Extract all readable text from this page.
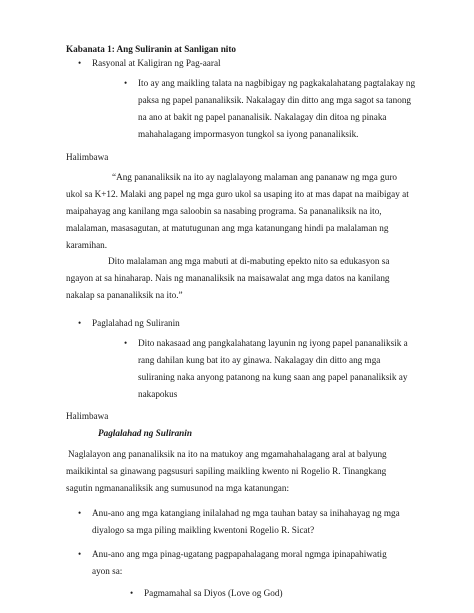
Kabanata 1: Ang Suliranin at Sanligan nito
• Rasyonal at Kaligiran ng Pag-aaral
• Ito ay ang maikling talata na nagbibigay ng pagkakalahatang pagtalakay ng
paksa ng papel pananaliksik. Nakalagay din ditto ang mga sagot sa tanong
na ano at bakit ng papel pananalisik. Nakalagay din ditoa ng pinaka
mahahalagang impormasyon tungkol sa iyong pananaliksik.
Halimbawa
“Ang pananaliksik na ito ay naglalayong malaman ang pananaw ng mga guro
ukol sa K+12. Malaki ang papel ng mga guro ukol sa usaping ito at mas dapat na maibigay at
maipahayag ang kanilang mga saloobin sa nasabing programa. Sa pananaliksik na ito,
malalaman, masasagutan, at matutugunan ang mga katanungang hindi pa malalaman ng
karamihan.
Dito malalaman ang mga mabuti at di-mabuting epekto nito sa edukasyon sa
ngayon at sa hinaharap. Nais ng mananaliksik na maisawalat ang mga datos na kanilang
nakalap sa pananaliksik na ito.”
• Paglalahad ng Suliranin
• Dito nakasaad ang pangkalahatang layunin ng iyong papel pananaliksik a
rang dahilan kung bat ito ay ginawa. Nakalagay din ditto ang mga
suliraning naka anyong patanong na kung saan ang papel pananaliksik ay
nakapokus
Halimbawa
Paglalahad ng Suliranin
Naglalayon ang pananaliksik na ito na matukoy ang mgamahahalagang aral at balyung
maikikintal sa ginawang pagsusuri sapiling maikling kwento ni Rogelio R. Tinangkang
sagutin ngmananaliksik ang sumusunod na mga katanungan:
• Anu-ano ang mga katangiang inilalahad ng mga tauhan batay sa inihahayag ng mga
diyalogo sa mga piling maikling kwentoni Rogelio R. Sicat?
• Anu-ano ang mga pinag-ugatang pagpapahalagang moral ngmga ipinapahiwatig
ayon sa:
• Pagmamahal sa Diyos (Love og God)
